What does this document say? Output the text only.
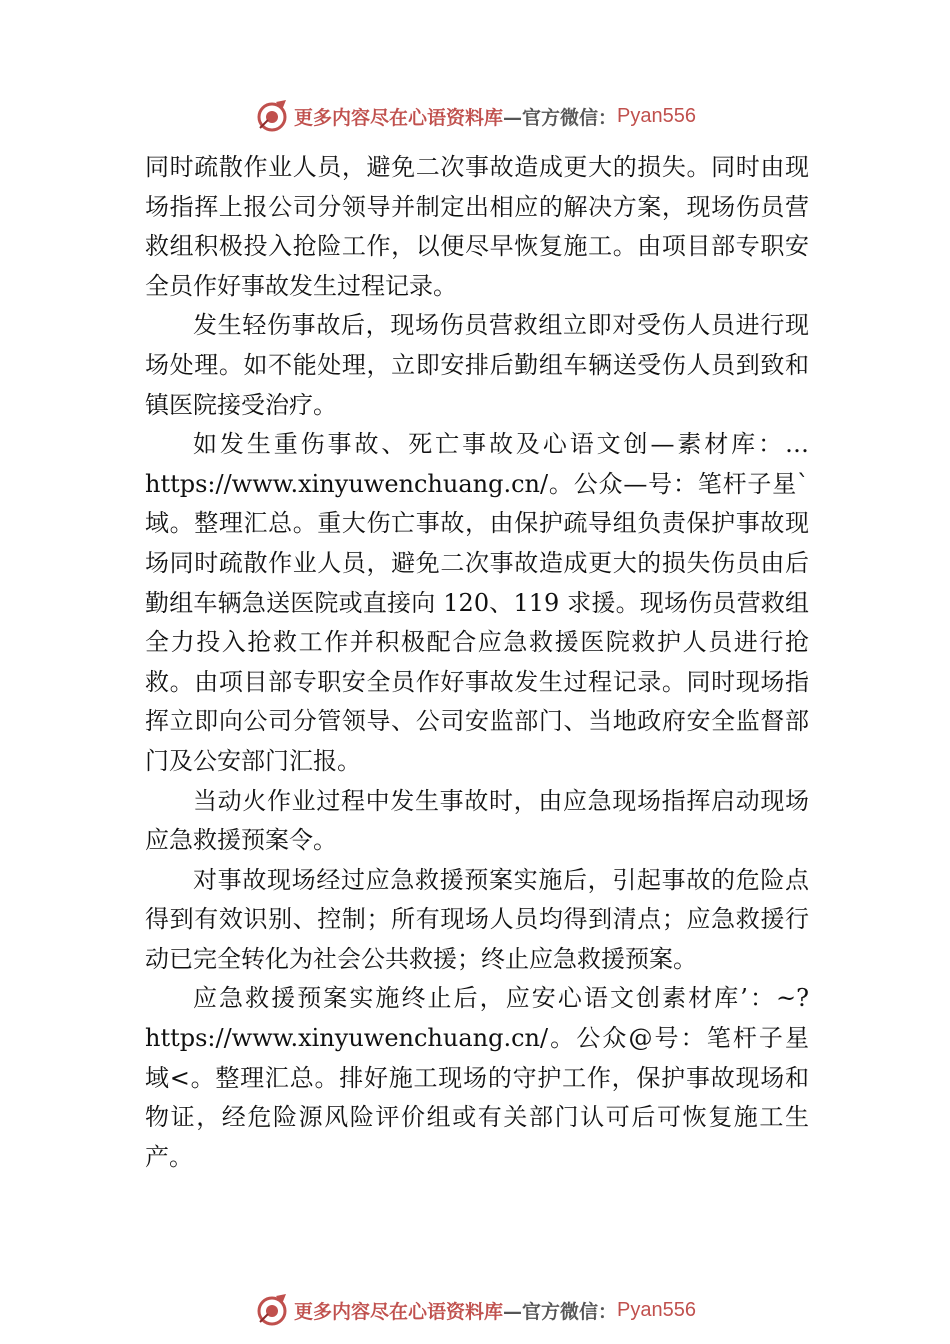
更多内容尽在心语资料库 —官方微信： Pyan556

同时疏散作业人员，避免二次事故造成更大的损失。同时由现场指挥上报公司分领导并制定出相应的解决方案，现场伤员营救组积极投入抢险工作，以便尽早恢复施工。由项目部专职安全员作好事故发生过程记录。

发生轻伤事故后，现场伤员营救组立即对受伤人员进行现场处理。如不能处理，立即安排后勤组车辆送受伤人员到致和镇医院接受治疗。

如发生重伤事故、死亡事故及心语文创—素材库：…https://www.xinyuwenchuang.cn/。公众—号：笔杆子星`域。整理汇总。重大伤亡事故，由保护疏导组负责保护事故现场同时疏散作业人员，避免二次事故造成更大的损失伤员由后勤组车辆急送医院或直接向 120、119 求援。现场伤员营救组全力投入抢救工作并积极配合应急救援医院救护人员进行抢救。由项目部专职安全员作好事故发生过程记录。同时现场指挥立即向公司分管领导、公司安监部门、当地政府安全监督部门及公安部门汇报。

当动火作业过程中发生事故时，由应急现场指挥启动现场应急救援预案令。

对事故现场经过应急救援预案实施后，引起事故的危险点得到有效识别、控制；所有现场人员均得到清点；应急救援行动已完全转化为社会公共救援；终止应急救援预案。

应急救援预案实施终止后，应安心语文创素材库’：~?https://www.xinyuwenchuang.cn/。公众@号：笔杆子星域<。整理汇总。排好施工现场的守护工作，保护事故现场和物证，经危险源风险评价组或有关部门认可后可恢复施工生产。

更多内容尽在心语资料库 —官方微信： Pyan556
